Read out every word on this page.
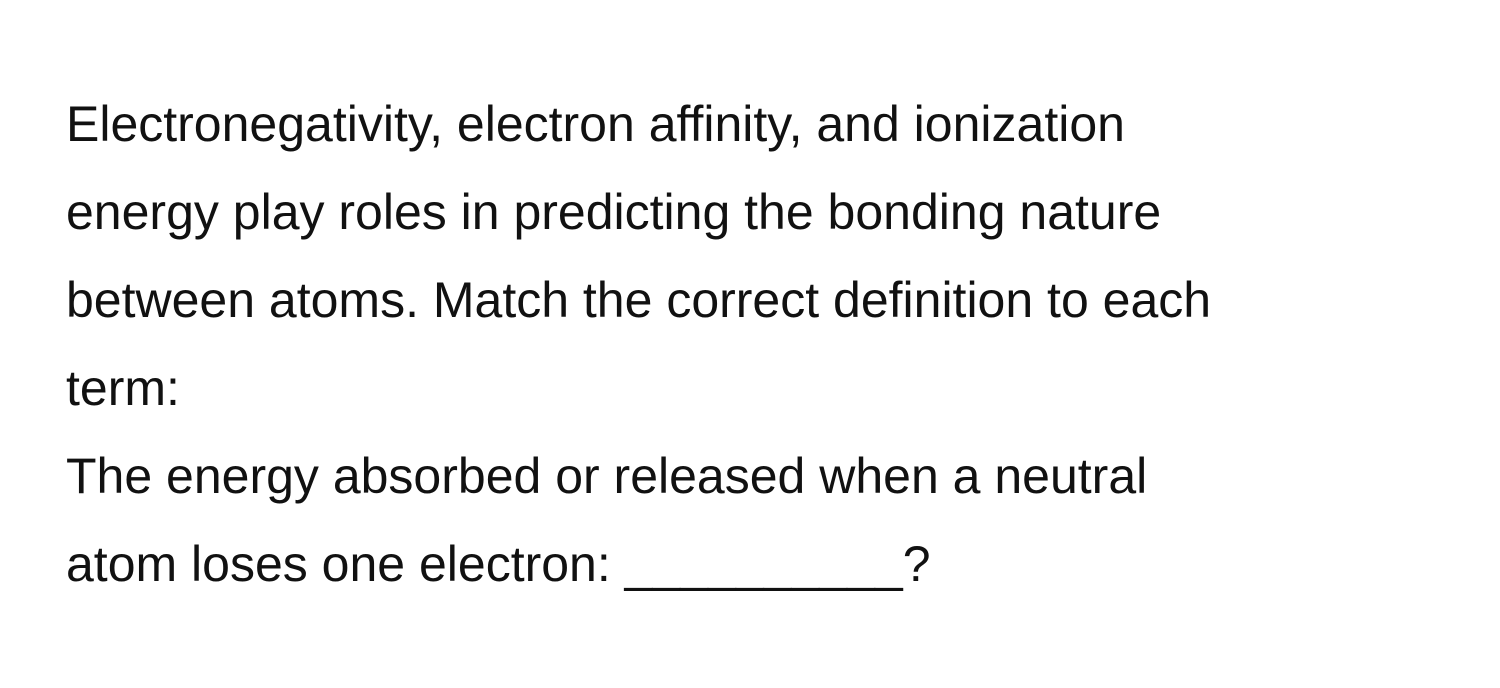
Electronegativity, electron affinity, and ionization
energy play roles in predicting the bonding nature
between atoms. Match the correct definition to each
term:
The energy absorbed or released when a neutral
atom loses one electron: __________?
